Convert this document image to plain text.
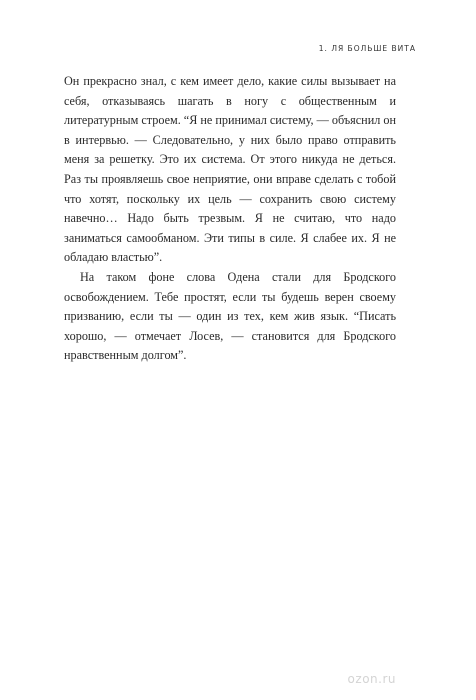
1. ЛЯ БОЛЬШЕ ВИТА

Он прекрасно знал, с кем имеет дело, какие силы вызывает на себя, отказываясь шагать в ногу с общественным и литературным строем. “Я не принимал систему, — объяснил он в интервью. — Следовательно, у них было право отправить меня за решетку. Это их система. От этого никуда не деться. Раз ты проявляешь свое неприятие, они вправе сделать с тобой что хотят, поскольку их цель — сохранить свою систему навечно… Надо быть трезвым. Я не считаю, что надо заниматься самообманом. Эти типы в силе. Я слабее их. Я не обладаю властью”.

На таком фоне слова Одена стали для Бродского освобождением. Тебе простят, если ты будешь верен своему призванию, если ты — один из тех, кем жив язык. “Писать хорошо, — отмечает Лосев, — становится для Бродского нравственным долгом”.

ozon.ru
